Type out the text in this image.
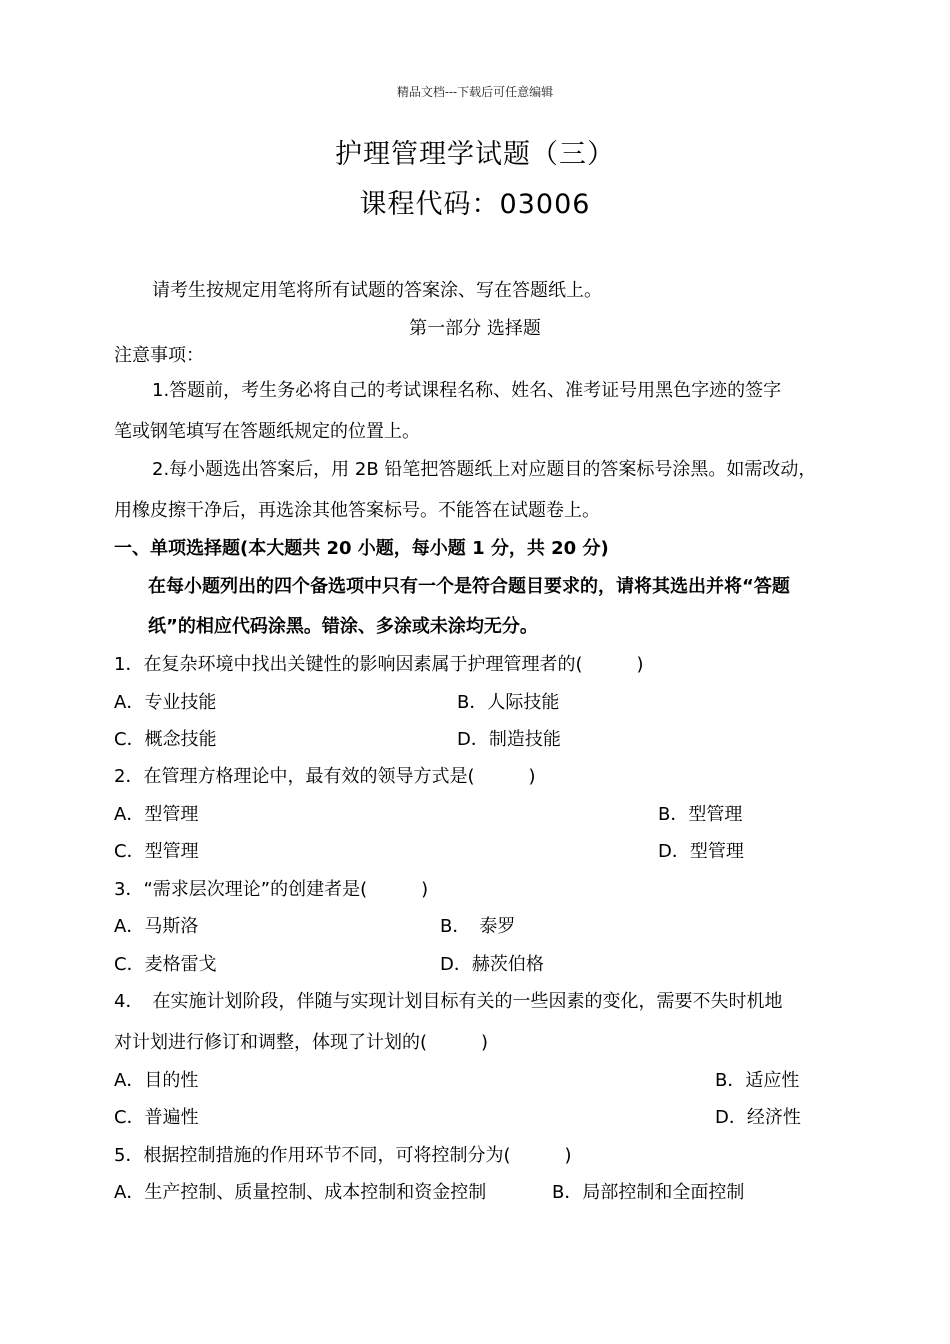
精品文档---下载后可任意编辑
护理管理学试题（三）
课程代码：03006
请考生按规定用笔将所有试题的答案涂、写在答题纸上。
第一部分 选择题
注意事项：
1.答题前，考生务必将自己的考试课程名称、姓名、准考证号用黑色字迹的签字
笔或钢笔填写在答题纸规定的位置上。
2.每小题选出答案后，用 2B 铅笔把答题纸上对应题目的答案标号涂黑。如需改动，
用橡皮擦干净后，再选涂其他答案标号。不能答在试题卷上。
一、单项选择题(本大题共 20 小题，每小题 1 分，共 20 分)
在每小题列出的四个备选项中只有一个是符合题目要求的，请将其选出并将“答题
纸”的相应代码涂黑。错涂、多涂或未涂均无分。
1．在复杂环境中找出关键性的影响因素属于护理管理者的(　　　)
A．专业技能	B．人际技能
C．概念技能	D．制造技能
2．在管理方格理论中，最有效的领导方式是(　　　)
A．型管理	B．型管理
C．型管理	D．型管理
3．“需求层次理论”的创建者是(　　　)
A．马斯洛	B．　泰罗
C．麦格雷戈	D．赫茨伯格
4．　在实施计划阶段，伴随与实现计划目标有关的一些因素的变化，需要不失时机地
对计划进行修订和调整，体现了计划的(　　　)
A．目的性	B．适应性
C．普遍性	D．经济性
5．根据控制措施的作用环节不同，可将控制分为(　　　)
A．生产控制、质量控制、成本控制和资金控制	B．局部控制和全面控制
